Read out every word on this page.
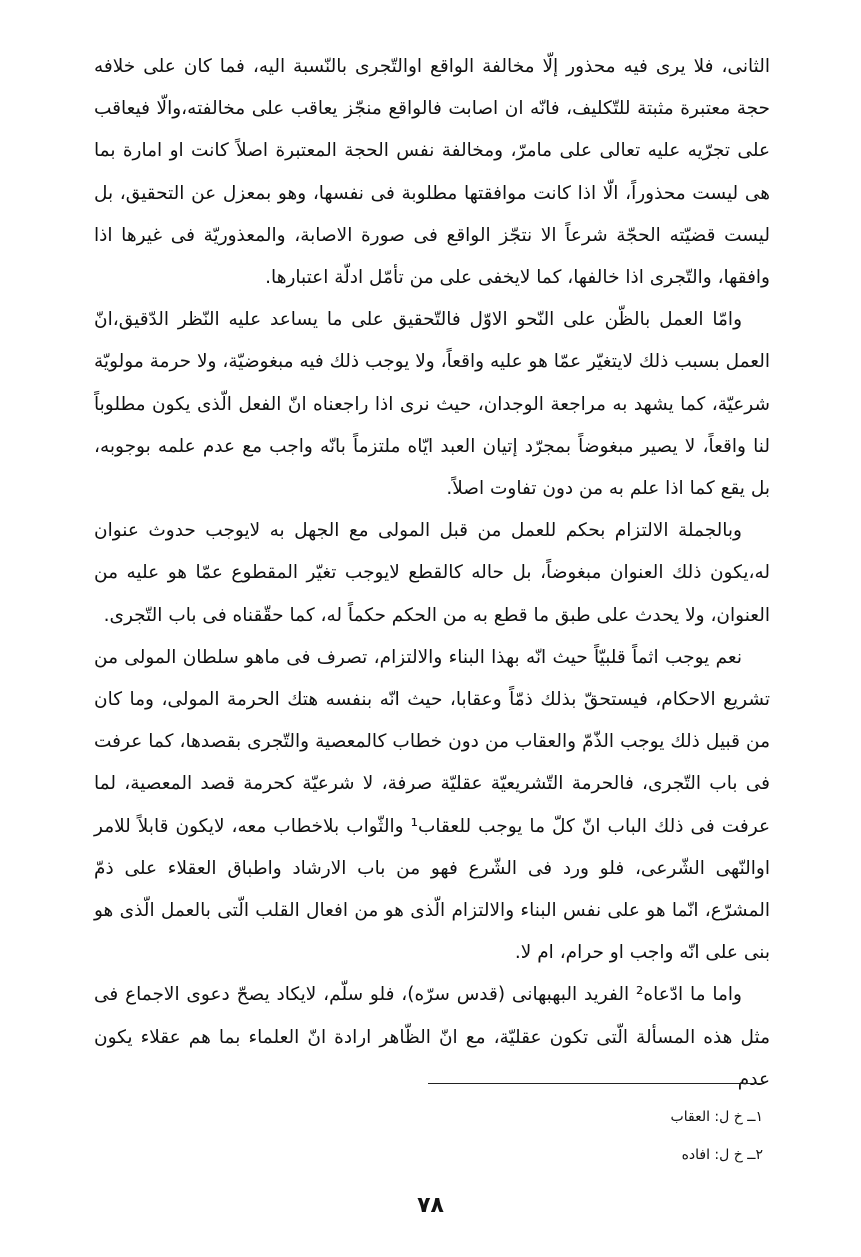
الثانى، فلا يرى فيه محذور إلّا مخالفة الواقع اوالتّجرى بالنّسبة اليه، فما كان على خلافه حجة معتبرة مثبتة للتّكليف، فانّه ان اصابت فالواقع منجّز يعاقب على مخالفته،والّا فيعاقب على تجرّيه عليه تعالى على مامرّ، ومخالفة نفس الحجة المعتبرة اصلاً كانت او امارة بما هى ليست محذوراً، الّا اذا كانت موافقتها مطلوبة فى نفسها، وهو بمعزل عن التحقيق، بل ليست قضيّته الحجّة شرعاً الا نتجّز الواقع فى صورة الاصابة، والمعذوريّة فى غيرها اذا وافقها، والتّجرى اذا خالفها، كما لايخفى على من تأمّل ادلّة اعتبارها.

وامّا العمل بالظّن على النّحو الاوّل فالتّحقيق على ما يساعد عليه النّظر الدّقيق،انّ العمل بسبب ذلك لايتغيّر عمّا هو عليه واقعاً، ولا يوجب ذلك فيه مبغوضيّة، ولا حرمة مولويّة شرعيّة، كما يشهد به مراجعة الوجدان، حيث نرى اذا راجعناه انّ الفعل الّذى يكون مطلوباً لنا واقعاً، لا يصير مبغوضاً بمجرّد إتيان العبد ايّاه ملتزماً بانّه واجب مع عدم علمه بوجوبه، بل يقع كما اذا علم به من دون تفاوت اصلاً.

وبالجملة الالتزام بحكم للعمل من قبل المولى مع الجهل به لايوجب حدوث عنوان له،يكون ذلك العنوان مبغوضاً، بل حاله كالقطع لايوجب تغيّر المقطوع عمّا هو عليه من العنوان، ولا يحدث على طبق ما قطع به من الحكم حكماً له، كما حقّقناه فى باب التّجرى.

نعم يوجب اثماً قلبيّاً حيث انّه بهذا البناء والالتزام، تصرف فى ماهو سلطان المولى من تشريع الاحكام، فيستحقّ بذلك ذمّاً وعقابا، حيث انّه بنفسه هتك الحرمة المولى، وما كان من قبيل ذلك يوجب الذّمّ والعقاب من دون خطاب كالمعصية والتّجرى بقصدها، كما عرفت فى باب التّجرى، فالحرمة التّشريعيّة عقليّة صرفة، لا شرعيّة كحرمة قصد المعصية، لما عرفت فى ذلك الباب انّ كلّ ما يوجب للعقاب¹ والثّواب بلاخطاب معه، لايكون قابلاً للامر اوالنّهى الشّرعى، فلو ورد فى الشّرع فهو من باب الارشاد واطباق العقلاء على ذمّ المشرّع، انّما هو على نفس البناء والالتزام الّذى هو من افعال القلب الّتى بالعمل الّذى هو بنى على انّه واجب او حرام، ام لا.

واما ما ادّعاه² الفريد البهبهانى (قدس سرّه)، فلو سلّم، لايكاد يصحّ دعوى الاجماع فى مثل هذه المسألة الّتى تكون عقليّة، مع انّ الظّاهر ارادة انّ العلماء بما هم عقلاء يكون عدم

١ــ خ ل: العقاب
٢ــ خ ل: افاده
٧٨
